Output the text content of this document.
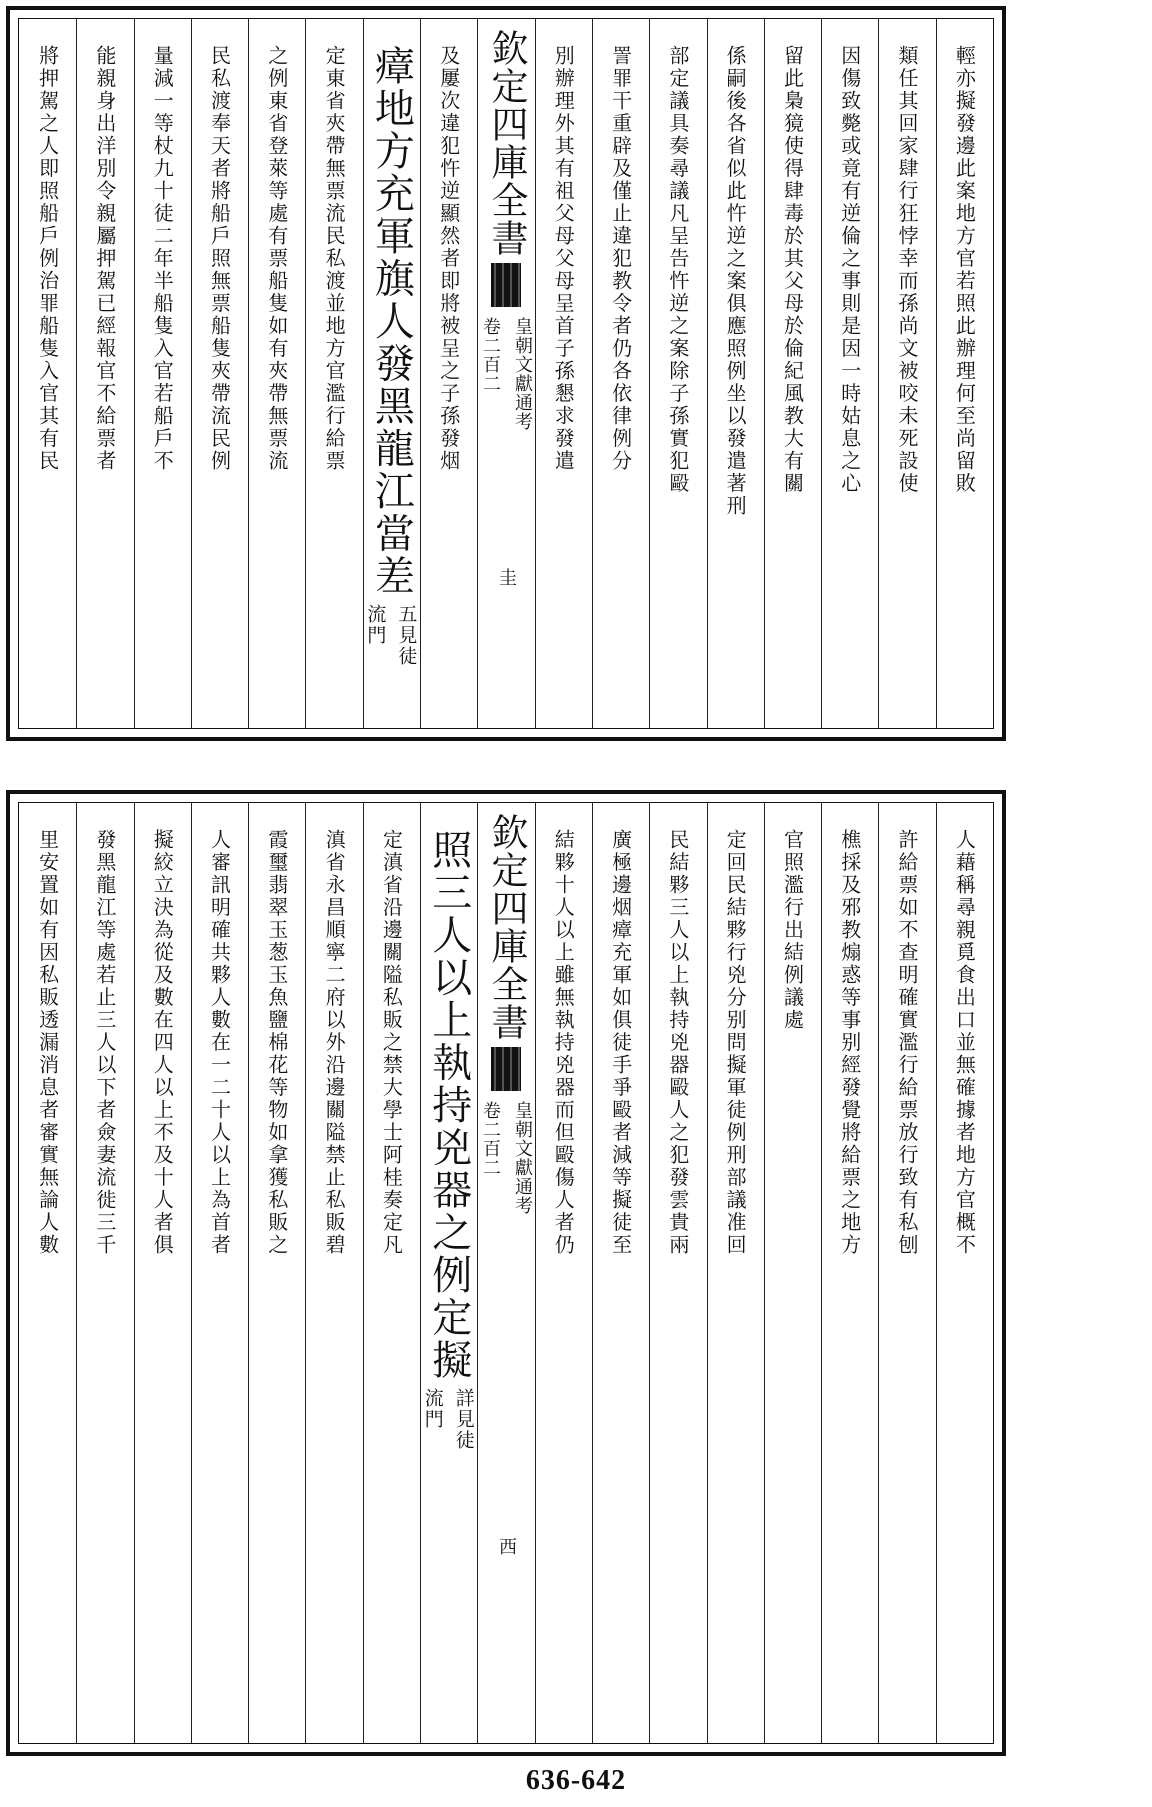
輕亦擬發邊此案地方官若照此辦理何至尚留敗
類任其回家肆行狂悖幸而孫尚文被咬未死設使
因傷致斃或竟有逆倫之事則是因一時姑息之心
留此梟獍使得肆毒於其父母於倫紀風教大有關
係嗣後各省似此忤逆之案俱應照例坐以發遣著刑
部定議具奏尋議凡呈告忤逆之案除子孫實犯毆
詈罪干重辟及僅止違犯教令者仍各依律例分
別辦理外其有祖父母父母呈首子孫懇求發遣
欽定四庫全書
皇朝文獻通考
卷二百二
圭
及屢次違犯忤逆顯然者即將被呈之子孫發烟
瘴地方充軍旗人發黑龍江當差
五見徒
流門
定東省夾帶無票流民私渡並地方官濫行給票
之例東省登萊等處有票船隻如有夾帶無票流
民私渡奉天者將船戶照無票船隻夾帶流民例
量減一等杖九十徒二年半船隻入官若船戶不
能親身出洋別令親屬押駕已經報官不給票者
將押駕之人即照船戶例治罪船隻入官其有民
人藉稱尋親覓食出口並無確據者地方官概不
許給票如不查明確實濫行給票放行致有私刨
樵採及邪教煽惑等事别經發覺將給票之地方
官照濫行出結例議處
定回民結夥行兇分别問擬軍徒例刑部議准回
民結夥三人以上執持兇器毆人之犯發雲貴兩
廣極邊烟瘴充軍如俱徒手爭毆者減等擬徒至
結夥十人以上雖無執持兇器而但毆傷人者仍
欽定四庫全書
皇朝文獻通考
卷二百二
西
照三人以上執持兇器之例定擬
詳見徒
流門
定滇省沿邊關隘私販之禁大學士阿桂奏定凡
滇省永昌順寧二府以外沿邊關隘禁止私販碧
霞璽翡翠玉葱玉魚鹽棉花等物如拿獲私販之
人審訊明確共夥人數在一二十人以上為首者
擬絞立決為從及數在四人以上不及十人者俱
發黑龍江等處若止三人以下者僉妻流徙三千
里安置如有因私販透漏消息者審實無論人數
636-642
